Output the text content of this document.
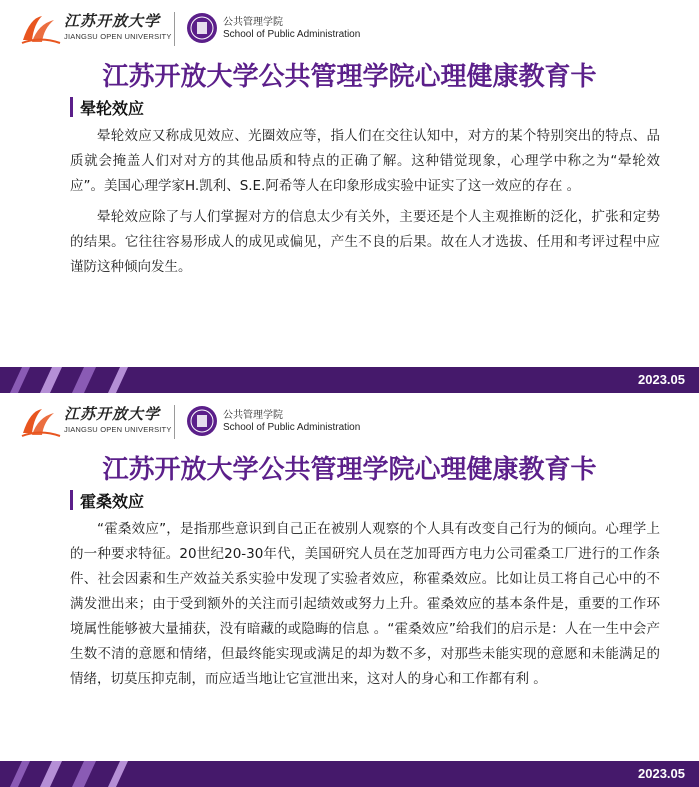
江苏开放大学
JIANGSU OPEN UNIVERSITY
公共管理学院
School of Public Administration
江苏开放大学公共管理学院心理健康教育卡
晕轮效应

晕轮效应又称成见效应、光圈效应等，指人们在交往认知中，对方的某个特别突出的特点、品质就会掩盖人们对对方的其他品质和特点的正确了解。这种错觉现象，心理学中称之为“晕轮效应”。美国心理学家H.凯利、S.E.阿希等人在印象形成实验中证实了这一效应的存在 。

晕轮效应除了与人们掌握对方的信息太少有关外，主要还是个人主观推断的泛化，扩张和定势的结果。它往往容易形成人的成见或偏见，产生不良的后果。故在人才选拔、任用和考评过程中应谨防这种倾向发生。

2023.05
江苏开放大学
JIANGSU OPEN UNIVERSITY
公共管理学院
School of Public Administration
江苏开放大学公共管理学院心理健康教育卡
霍桑效应

“霍桑效应”，是指那些意识到自己正在被别人观察的个人具有改变自己行为的倾向。心理学上的一种要求特征。20世纪20-30年代，美国研究人员在芝加哥西方电力公司霍桑工厂进行的工作条件、社会因素和生产效益关系实验中发现了实验者效应，称霍桑效应。比如让员工将自己心中的不满发泄出来；由于受到额外的关注而引起绩效或努力上升。霍桑效应的基本条件是，重要的工作环境属性能够被大量捕获，没有暗藏的或隐晦的信息 。“霍桑效应”给我们的启示是：人在一生中会产生数不清的意愿和情绪，但最终能实现或满足的却为数不多，对那些未能实现的意愿和未能满足的情绪，切莫压抑克制，而应适当地让它宣泄出来，这对人的身心和工作都有利 。

2023.05
